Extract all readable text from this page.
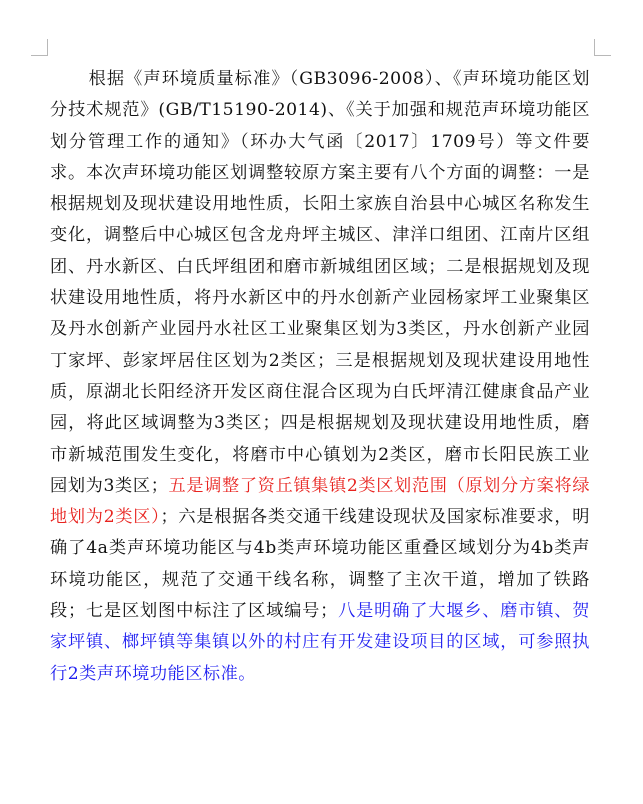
根据《声环境质量标准》（GB3096-2008）、《声环境功能区划分技术规范》(GB/T15190-2014)、《关于加强和规范声环境功能区划分管理工作的通知》（环办大气函〔2017〕1709号）等文件要求。本次声环境功能区划调整较原方案主要有八个方面的调整：一是根据规划及现状建设用地性质，长阳土家族自治县中心城区名称发生变化，调整后中心城区包含龙舟坪主城区、津洋口组团、江南片区组团、丹水新区、白氏坪组团和磨市新城组团区域；二是根据规划及现状建设用地性质，将丹水新区中的丹水创新产业园杨家坪工业聚集区及丹水创新产业园丹水社区工业聚集区划为3类区，丹水创新产业园丁家坪、彭家坪居住区划为2类区；三是根据规划及现状建设用地性质，原湖北长阳经济开发区商住混合区现为白氏坪清江健康食品产业园，将此区域调整为3类区；四是根据规划及现状建设用地性质，磨市新城范围发生变化，将磨市中心镇划为2类区，磨市长阳民族工业园划为3类区；五是调整了资丘镇集镇2类区划范围（原划分方案将绿地划为2类区）；六是根据各类交通干线建设现状及国家标准要求，明确了4a类声环境功能区与4b类声环境功能区重叠区域划分为4b类声环境功能区，规范了交通干线名称，调整了主次干道，增加了铁路段；七是区划图中标注了区域编号；八是明确了大堰乡、磨市镇、贺家坪镇、榔坪镇等集镇以外的村庄有开发建设项目的区域，可参照执行2类声环境功能区标准。
